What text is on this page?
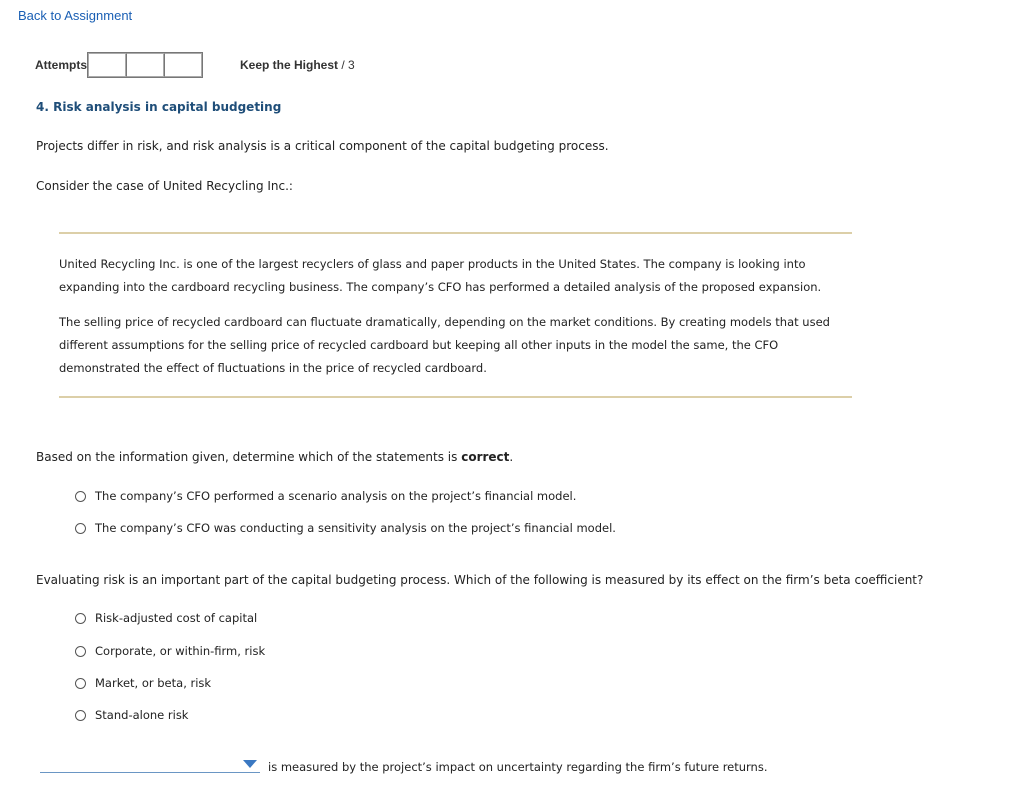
Back to Assignment
Attempts	Keep the Highest / 3
4. Risk analysis in capital budgeting
Projects differ in risk, and risk analysis is a critical component of the capital budgeting process.
Consider the case of United Recycling Inc.:
United Recycling Inc. is one of the largest recyclers of glass and paper products in the United States. The company is looking into expanding into the cardboard recycling business. The company’s CFO has performed a detailed analysis of the proposed expansion.
The selling price of recycled cardboard can fluctuate dramatically, depending on the market conditions. By creating models that used different assumptions for the selling price of recycled cardboard but keeping all other inputs in the model the same, the CFO demonstrated the effect of fluctuations in the price of recycled cardboard.
Based on the information given, determine which of the statements is correct.
The company’s CFO performed a scenario analysis on the project’s financial model.
The company’s CFO was conducting a sensitivity analysis on the project’s financial model.
Evaluating risk is an important part of the capital budgeting process. Which of the following is measured by its effect on the firm’s beta coefficient?
Risk-adjusted cost of capital
Corporate, or within-firm, risk
Market, or beta, risk
Stand-alone risk
is measured by the project’s impact on uncertainty regarding the firm’s future returns.
